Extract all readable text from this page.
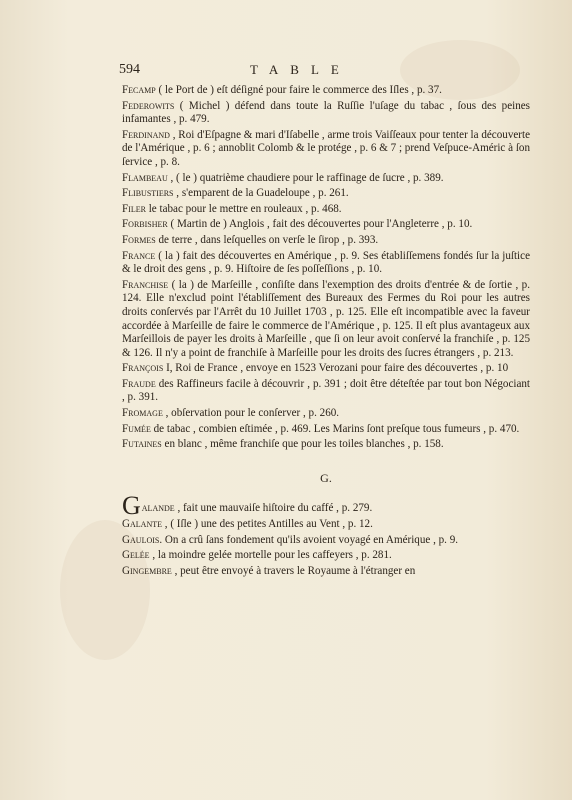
594	TABLE

Fecamp ( le Port de ) eſt déſigné pour faire le commerce des Iſles , p. 37.

Federowits ( Michel ) défend dans toute la Ruſſie l'uſage du tabac , ſous des peines infamantes , p. 479.

Ferdinand , Roi d'Eſpagne & mari d'Iſabelle , arme trois Vaiſſeaux pour tenter la découverte de l'Amérique , p. 6 ; annoblit Colomb & le protége , p. 6 & 7 ; prend Veſpuce-Améric à ſon ſervice , p. 8.

Flambeau , ( le ) quatrième chaudiere pour le raffinage de ſucre , p. 389.

Flibustiers , s'emparent de la Guadeloupe , p. 261.

Filer le tabac pour le mettre en rouleaux , p. 468.

Forbisher ( Martin de ) Anglois , fait des découvertes pour l'Angleterre , p. 10.

Formes de terre , dans leſquelles on verſe le ſirop , p. 393.

France ( la ) fait des découvertes en Amérique , p. 9. Ses établiſſemens fondés ſur la juſtice & le droit des gens , p. 9. Hiſtoire de ſes poſſeſſions , p. 10.

Franchise ( la ) de Marſeille , conſiſte dans l'exemption des droits d'entrée & de ſortie , p. 124. Elle n'exclud point l'établiſſement des Bureaux des Fermes du Roi pour les autres droits conſervés par l'Arrêt du 10 Juillet 1703 , p. 125. Elle eſt incompatible avec la faveur accordée à Marſeille de faire le commerce de l'Amérique , p. 125. Il eſt plus avantageux aux Marſeillois de payer les droits à Marſeille , que ſi on leur avoit conſervé la franchiſe , p. 125 & 126. Il n'y a point de franchiſe à Marſeille pour les droits des ſucres étrangers , p. 213.

François I, Roi de France , envoye en 1523 Verozani pour faire des découvertes , p. 10

Fraude des Raffineurs facile à découvrir , p. 391 ; doit être déteſtée par tout bon Négociant , p. 391.

Fromage , obſervation pour le conſerver , p. 260.

Fumée de tabac , combien eſtimée , p. 469. Les Marins ſont preſque tous fumeurs , p. 470.

Futaines en blanc , même franchiſe que pour les toiles blanches , p. 158.

G.

Galande , fait une mauvaiſe hiſtoire du caffé , p. 279.

Galante , ( Iſle ) une des petites Antilles au Vent , p. 12.

Gaulois. On a crû ſans fondement qu'ils avoient voyagé en Amérique , p. 9.

Gelée , la moindre gelée mortelle pour les caffeyers , p. 281.

Gingembre , peut être envoyé à travers le Royaume à l'étranger en
